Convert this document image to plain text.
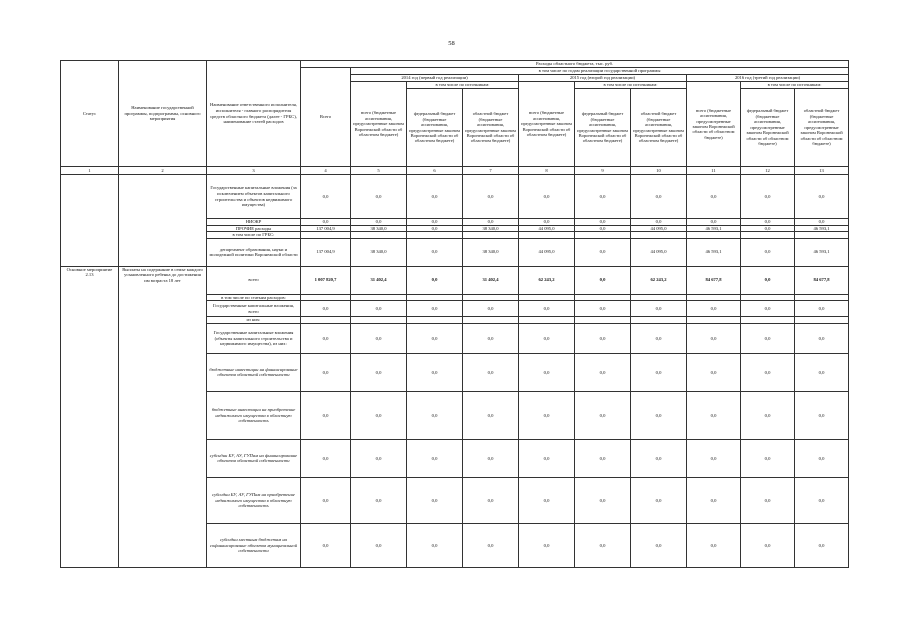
58
Статус	Наименование государственной программы, подпрограммы, основного мероприятия	Наименование ответственного исполнителя, исполнителя - главного распорядителя средств областного бюджета (далее - ГРБС), наименование статей расходов	Расходы областного бюджета, тыс. руб.									
			Всего	в том числе по годам реализации государственной программы								
				2014 год (первый год реализации)			2015 год (второй год реализации)			2016 год (третий год реализации)		
				всего (бюджетные ассигнования, предусмотренные законом Воронежской области об областном бюджете)	в том числе по источникам:		всего (бюджетные ассигнования, предусмотренные законом Воронежской области об областном бюджете)	в том числе по источникам:		всего (бюджетные ассигнования, предусмотренные законом Воронежской области об областном бюджете)	в том числе по источникам:	
					федеральный бюджет (бюджетные ассигнования, предусмотренные законом Воронежской области об областном бюджете)	областной бюджет (бюджетные ассигнования, предусмотренные законом Воронежской области об областном бюджете)		федеральный бюджет (бюджетные ассигнования, предусмотренные законом Воронежской области об областном бюджете)	областной бюджет (бюджетные ассигнования, предусмотренные законом Воронежской области об областном бюджете)		федеральный бюджет (бюджетные ассигнования, предусмотренные законом Воронежской области об областном бюджете)	областной бюджет (бюджетные ассигнования, предусмотренные законом Воронежской области об областном бюджете)
1	2	3	4	5	6	7	8	9	10	11	12	13
		Государственные капитальные вложения (за исключением объектов капитального строительства и объектов недвижимого имущества)	0,0	0,0	0,0	0,0	0,0	0,0	0,0	0,0	0,0	0,0
		НИОКР	0,0	0,0	0,0	0,0	0,0	0,0	0,0	0,0	0,0	0,0
		ПРОЧИЕ расходы	137 004,9	38 340,0	0,0	38 340,0	44 095,0	0,0	44 095,0	46 593,1	0,0	46 593,1
		в том числе по ГРБС:										
		департамент образования, науки и молодежной политики Воронежской области	137 004,9	38 340,0	0,0	38 340,0	44 095,0	0,0	44 095,0	46 593,1	0,0	46 593,1
Основное мероприятие 2.13	Выплаты на содержание в семье каждого усыновленного ребенка до достижения им возраста 18 лет	всего	1 007 820,7	31 402,4	0,0	31 402,4	62 243,2	0,0	62 243,2	84 677,8	0,0	84 677,8
		в том числе по статьям расходов:										
		Государственные капитальные вложения, всего	0,0	0,0	0,0	0,0	0,0	0,0	0,0	0,0	0,0	0,0
		из них:										
		Государственные капитальные вложения (объекты капитального строительства и недвижимого имущества), из них:	0,0	0,0	0,0	0,0	0,0	0,0	0,0	0,0	0,0	0,0
		бюджетные инвестиции на финансирование объектов областной собственности	0,0	0,0	0,0	0,0	0,0	0,0	0,0	0,0	0,0	0,0
		бюджетные инвестиции на приобретение недвижимого имущества в областную собственность	0,0	0,0	0,0	0,0	0,0	0,0	0,0	0,0	0,0	0,0
		субсидии БУ, АУ, ГУПам на финансирование объектов областной собственности	0,0	0,0	0,0	0,0	0,0	0,0	0,0	0,0	0,0	0,0
		субсидии БУ, АУ, ГУПам на приобретение недвижимого имущества в областную собственность	0,0	0,0	0,0	0,0	0,0	0,0	0,0	0,0	0,0	0,0
		субсидии местным бюджетам на софинансирование объектов муниципальной собственности	0,0	0,0	0,0	0,0	0,0	0,0	0,0	0,0	0,0	0,0
